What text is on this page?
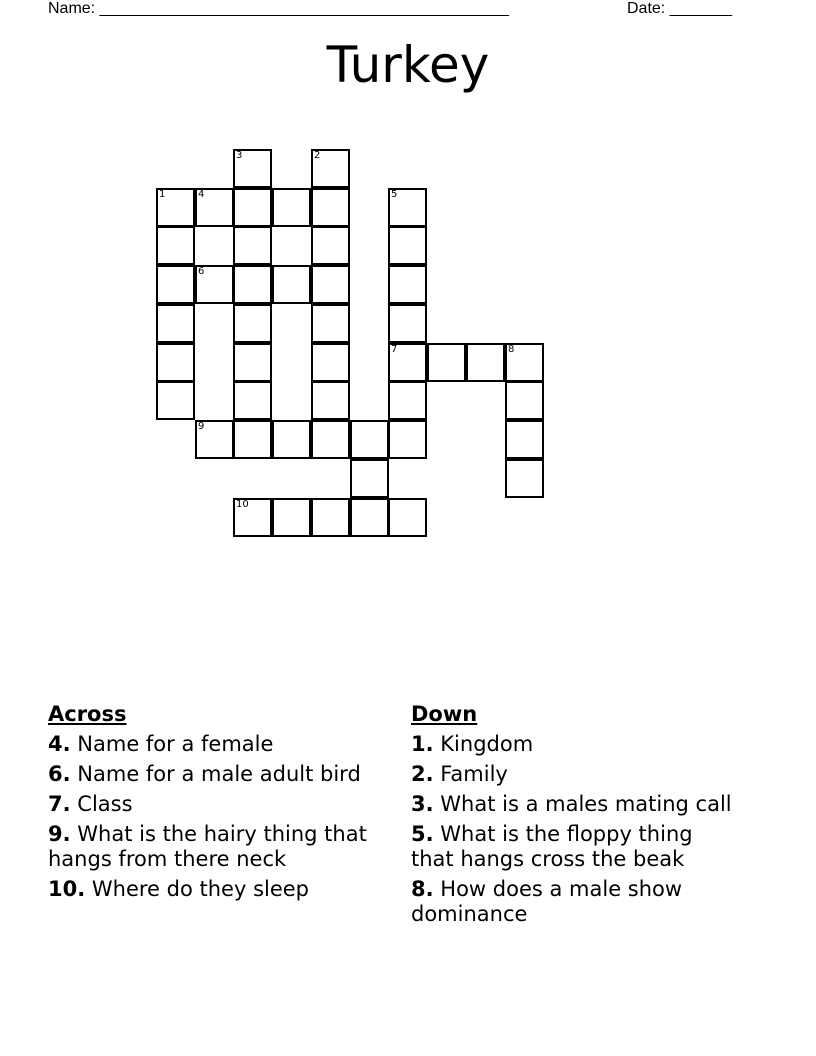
Name: ______________________________________________	Date: _______
Turkey
3
1	4
2
5
6
7	8
9
10
Across
4. Name for a female
6. Name for a male adult bird
7. Class
9. What is the hairy thing that hangs from there neck
10. Where do they sleep
Down
1. Kingdom
2. Family
3. What is a males mating call
5. What is the floppy thing that hangs cross the beak
8. How does a male show dominance
